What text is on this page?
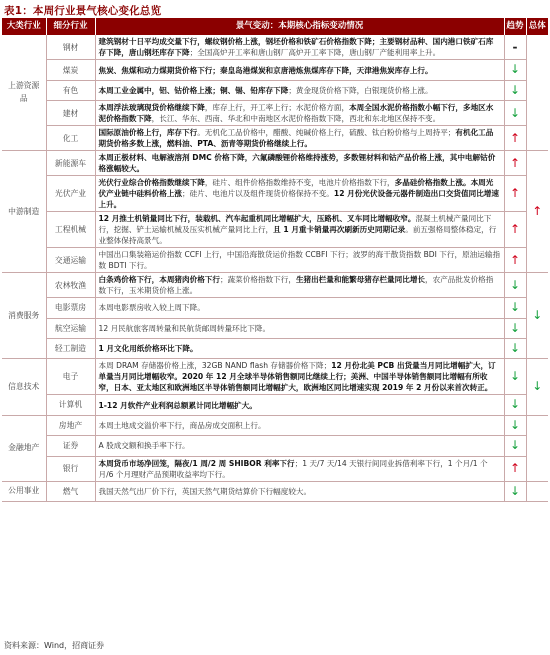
表1：本周行业景气核心变化总览
大类行业	细分行业	景气变动：本期核心指标变动情况	趋势	总体
上游资源品	钢材	建筑钢材十日平均成交量下行，螺纹钢价格上涨，钢坯价格和铁矿石价格指数下降；主要钢材品种、国内港口铁矿石库存下降，唐山钢坯库存下降；全国高炉开工率和唐山钢厂高炉开工率下降，唐山钢厂产能利用率上升。	-	
	煤炭	焦炭、焦煤和动力煤期货价格下行；秦皇岛港煤炭和京唐港炼焦煤库存下降，天津港焦炭库存上行。	↓	
	有色	本周工业金属中，铝、钴价格上涨；铜、锡、铅库存下降；黄金现货价格下降，白银现货价格上涨。	↓	
	建材	本周浮法玻璃现货价格继续下降，库存上行，开工率上行；水泥价格方面，本周全国水泥价格指数小幅下行，多地区水泥价格指数下降，长江、华东、西南、华北和中南地区水泥价格指数下降，西北和东北地区保持不变。	↓	
	化工	国际原油价格上行，库存下行。无机化工品价格中，醋酸、纯碱价格上行，硫酸、钛白粉价格与上周持平；有机化工品期货价格多数上涨，燃料油、PTA、沥青等期货价格继续上行。	↑	
中游制造	新能源车	本周正极材料、电解液溶剂 DMC 价格下降，六氟磷酸锂价格维持涨势，多数锂材料和钴产品价格上涨，其中电解钴价格涨幅较大。	↑	↑
	光伏产业	光伏行业综合价格指数继续下降，硅片、组件价格指数维持不变，电池片价格指数下行，多晶硅价格指数上涨。本周光伏产业链中硅料价格上涨；硅片、电池片以及组件现货价格保持不变。12 月份光伏设备元器件制造出口交货值同比增速上升。	↑	
	工程机械	12 月推土机销量同比下行，装载机、汽车起重机同比增幅扩大，压路机、叉车同比增幅收窄。混凝土机械产量同比下行，挖掘、铲土运输机械及压实机械产量同比上行，且 1 月重卡销量再次刷新历史同期记录。前五强格局整体稳定，行业整体保持高景气。	↑	
	交通运输	中国出口集装箱运价指数 CCFI 上行，中国沿海散货运价指数 CCBFI 下行；波罗的海干散货指数 BDI 下行，原油运输指数 BDTI 下行。	↑	
消费服务	农林牧渔	白条鸡价格下行，本周猪肉价格下行；蔬菜价格指数下行，生猪出栏量和能繁母猪存栏量同比增长，农产品批发价格指数下行，玉米期货价格上涨。	↓	↓
	电影票房	本周电影票房收入较上周下降。	↓	
	航空运输	12 月民航旅客周转量和民航货邮周转量环比下降。	↓	
	轻工制造	1 月文化用纸价格环比下降。	↓	
信息技术	电子	本周 DRAM 存储器价格上涨，32GB NAND flash 存储器价格下降；12 月份北美 PCB 出货量当月同比增幅扩大，订单量当月同比增幅收窄。2020 年 12 月全球半导体销售额同比继续上行；美洲、中国半导体销售额同比增幅有所收窄，日本、亚太地区和欧洲地区半导体销售额同比增幅扩大，欧洲地区同比增速实现 2019 年 2 月份以来首次转正。	↓	↓
	计算机	1-12 月软件产业利润总额累计同比增幅扩大。	↓	
金融地产	房地产	本周土地成交溢价率下行，商品房成交面积上行。	↓	
	证券	A 股成交额和换手率下行。	↓	
	银行	本周货币市场净回笼，隔夜/1 周/2 周 SHIBOR 利率下行；1 天/7 天/14 天银行间同业拆借利率下行，1 个月/1 个月/6 个月理财产品预期收益率均下行。	↑	
公用事业	燃气	我国天然气出厂价下行，英国天然气期货结算价下行幅度较大。	↓	
资料来源：Wind，招商证券
